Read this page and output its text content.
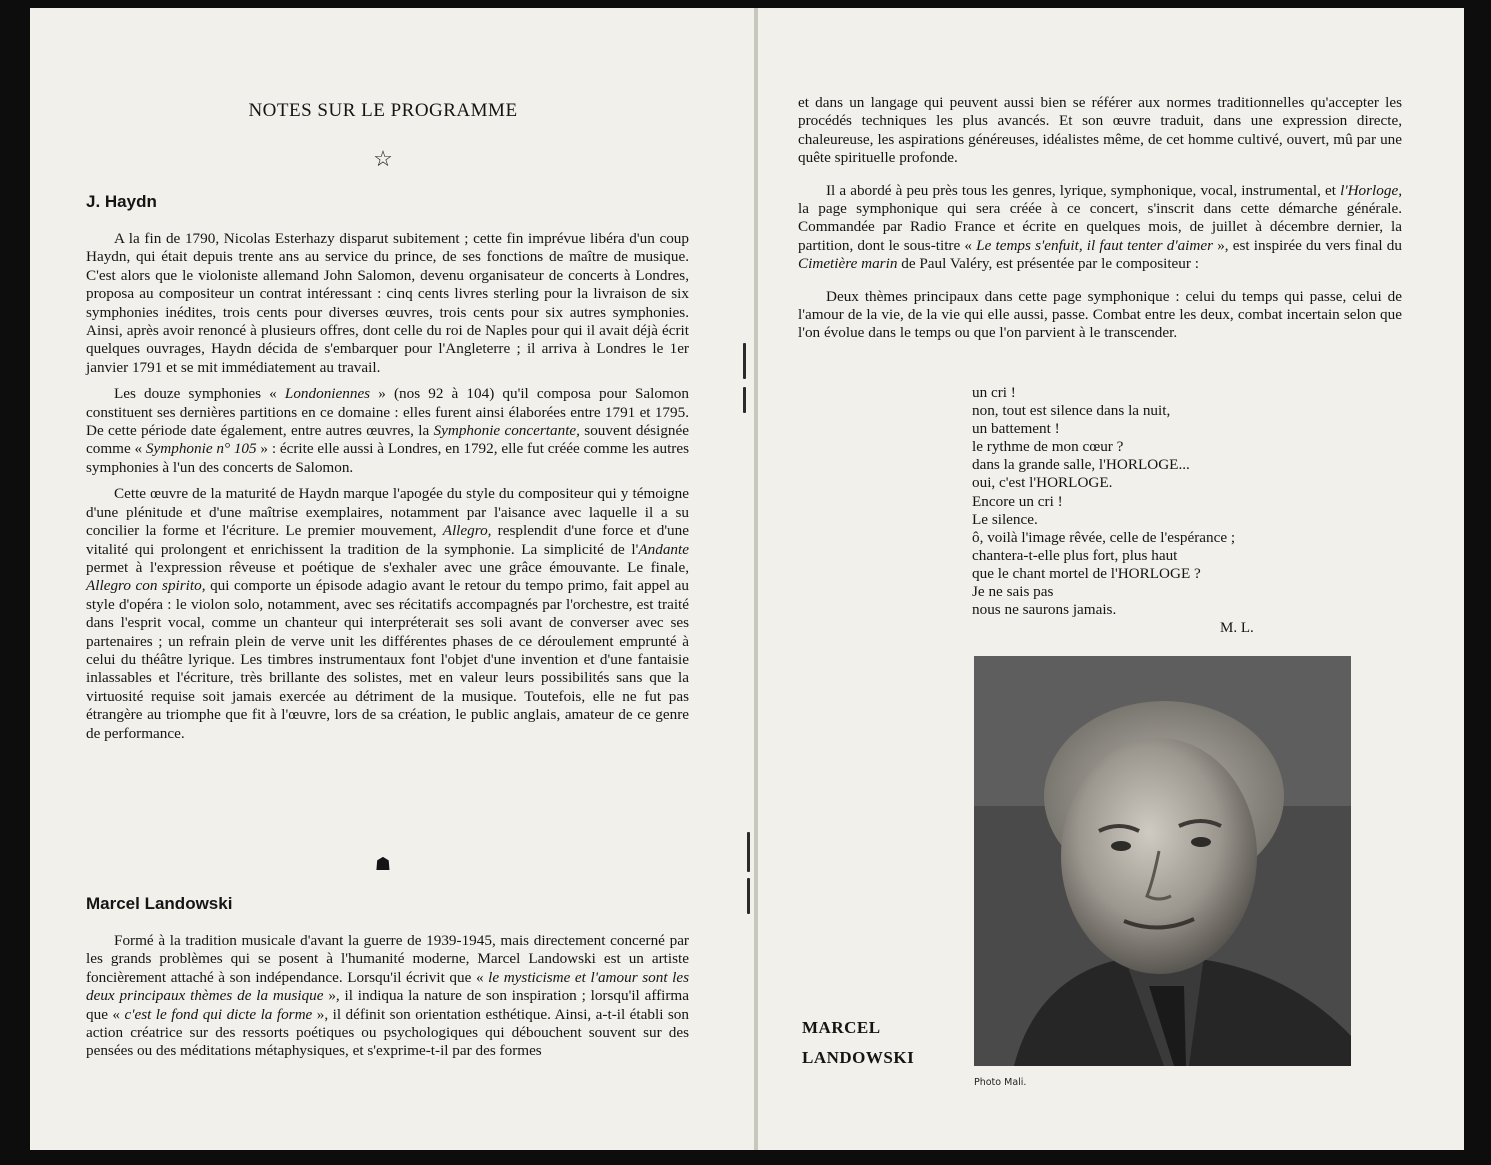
NOTES SUR LE PROGRAMME
☆
J. Haydn

A la fin de 1790, Nicolas Esterhazy disparut subitement ; cette fin imprévue libéra d'un coup Haydn, qui était depuis trente ans au service du prince, de ses fonctions de maître de musique. C'est alors que le violoniste allemand John Salomon, devenu organisateur de concerts à Londres, proposa au compositeur un contrat intéressant : cinq cents livres sterling pour la livraison de six symphonies inédites, trois cents pour diverses œuvres, trois cents pour six autres symphonies. Ainsi, après avoir renoncé à plusieurs offres, dont celle du roi de Naples pour qui il avait déjà écrit quelques ouvrages, Haydn décida de s'embarquer pour l'Angleterre ; il arriva à Londres le 1er janvier 1791 et se mit immédiatement au travail.

Les douze symphonies « Londoniennes » (nos 92 à 104) qu'il composa pour Salomon constituent ses dernières partitions en ce domaine : elles furent ainsi élaborées entre 1791 et 1795. De cette période date également, entre autres œuvres, la Symphonie concertante, souvent désignée comme « Symphonie n° 105 » : écrite elle aussi à Londres, en 1792, elle fut créée comme les autres symphonies à l'un des concerts de Salomon.

Cette œuvre de la maturité de Haydn marque l'apogée du style du compositeur qui y témoigne d'une plénitude et d'une maîtrise exemplaires, notamment par l'aisance avec laquelle il a su concilier la forme et l'écriture. Le premier mouvement, Allegro, resplendit d'une force et d'une vitalité qui prolongent et enrichissent la tradition de la symphonie. La simplicité de l'Andante permet à l'expression rêveuse et poétique de s'exhaler avec une grâce émouvante. Le finale, Allegro con spirito, qui comporte un épisode adagio avant le retour du tempo primo, fait appel au style d'opéra : le violon solo, notamment, avec ses récitatifs accompagnés par l'orchestre, est traité dans l'esprit vocal, comme un chanteur qui interpréterait ses soli avant de converser avec ses partenaires ; un refrain plein de verve unit les différentes phases de ce déroulement emprunté à celui du théâtre lyrique. Les timbres instrumentaux font l'objet d'une invention et d'une fantaisie inlassables et l'écriture, très brillante des solistes, met en valeur leurs possibilités sans que la virtuosité requise soit jamais exercée au détriment de la musique. Toutefois, elle ne fut pas étrangère au triomphe que fit à l'œuvre, lors de sa création, le public anglais, amateur de ce genre de performance.

☗
Marcel Landowski

Formé à la tradition musicale d'avant la guerre de 1939-1945, mais directement concerné par les grands problèmes qui se posent à l'humanité moderne, Marcel Landowski est un artiste foncièrement attaché à son indépendance. Lorsqu'il écrivit que « le mysticisme et l'amour sont les deux principaux thèmes de la musique », il indiqua la nature de son inspiration ; lorsqu'il affirma que « c'est le fond qui dicte la forme », il définit son orientation esthétique. Ainsi, a-t-il établi son action créatrice sur des ressorts poétiques ou psychologiques qui débouchent souvent sur des pensées ou des méditations métaphysiques, et s'exprime-t-il par des formes

et dans un langage qui peuvent aussi bien se référer aux normes traditionnelles qu'accepter les procédés techniques les plus avancés. Et son œuvre traduit, dans une expression directe, chaleureuse, les aspirations généreuses, idéalistes même, de cet homme cultivé, ouvert, mû par une quête spirituelle profonde.

Il a abordé à peu près tous les genres, lyrique, symphonique, vocal, instrumental, et l'Horloge, la page symphonique qui sera créée à ce concert, s'inscrit dans cette démarche générale. Commandée par Radio France et écrite en quelques mois, de juillet à décembre dernier, la partition, dont le sous-titre « Le temps s'enfuit, il faut tenter d'aimer », est inspirée du vers final du Cimetière marin de Paul Valéry, est présentée par le compositeur :

Deux thèmes principaux dans cette page symphonique : celui du temps qui passe, celui de l'amour de la vie, de la vie qui elle aussi, passe. Combat entre les deux, combat incertain selon que l'on évolue dans le temps ou que l'on parvient à le transcender.

un cri !
non, tout est silence dans la nuit,
un battement !
le rythme de mon cœur ?
dans la grande salle, l'HORLOGE...
oui, c'est l'HORLOGE.
Encore un cri !
Le silence.
ô, voilà l'image rêvée, celle de l'espérance ;
chantera-t-elle plus fort, plus haut
que le chant mortel de l'HORLOGE ?
Je ne sais pas
nous ne saurons jamais.
M. L.
MARCEL
LANDOWSKI
Photo Mali.
